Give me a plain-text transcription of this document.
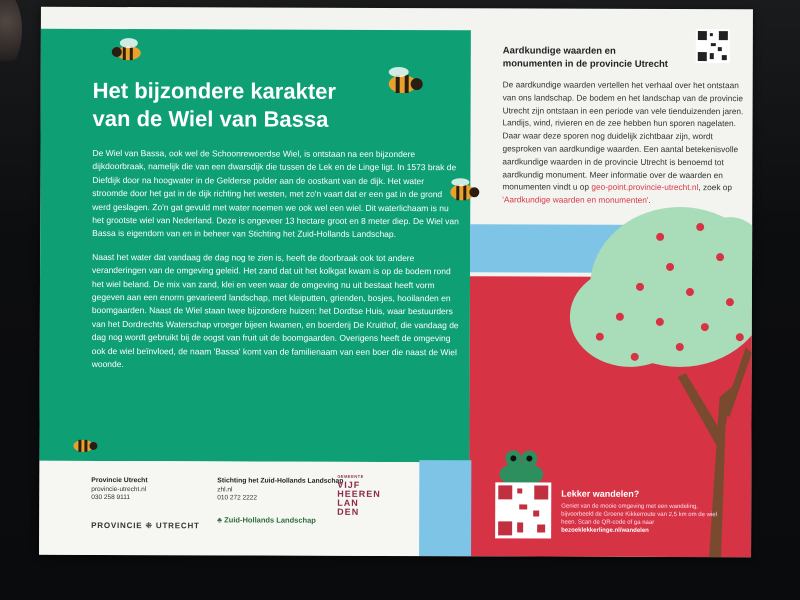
Het bijzondere karakter
van de Wiel van Bassa

De Wiel van Bassa, ook wel de Schoonrewoerdse Wiel, is ontstaan na een bijzondere dijkdoorbraak, namelijk die van een dwarsdijk die tussen de Lek en de Linge ligt. In 1573 brak de Diefdijk door na hoogwater in de Gelderse polder aan de oostkant van de dijk. Het water stroomde door het gat in de dijk richting het westen, met zo'n vaart dat er een gat in de grond werd geslagen. Zo'n gat gevuld met water noemen we ook wel een wiel. Dit waterlichaam is nu het grootste wiel van Nederland. Deze is ongeveer 13 hectare groot en 8 meter diep. De Wiel van Bassa is eigendom van en in beheer van Stichting het Zuid-Hollands Landschap.

Naast het water dat vandaag de dag nog te zien is, heeft de doorbraak ook tot andere veranderingen van de omgeving geleid. Het zand dat uit het kolkgat kwam is op de bodem rond het wiel beland. De mix van zand, klei en veen waar de omgeving nu uit bestaat heeft vorm gegeven aan een enorm gevarieerd landschap, met kleiputten, grienden, bosjes, hooilanden en boomgaarden. Naast de Wiel staan twee bijzondere huizen: het Dordtse Huis, waar bestuurders van het Dordrechts Waterschap vroeger bijeen kwamen, en boerderij De Kruithof, die vandaag de dag nog wordt gebruikt bij de oogst van fruit uit de boomgaarden. Overigens heeft de omgeving ook de wiel beïnvloed, de naam 'Bassa' komt van de familienaam van een boer die naast de Wiel woonde.

Aardkundige waarden en
monumenten in de provincie Utrecht
De aardkundige waarden vertellen het verhaal over het ontstaan van ons landschap. De bodem en het landschap van de provincie Utrecht zijn ontstaan in een periode van vele tienduizenden jaren. Landijs, wind, rivieren en de zee hebben hun sporen nagelaten. Daar waar deze sporen nog duidelijk zichtbaar zijn, wordt gesproken van aardkundige waarden. Een aantal betekenisvolle aardkundige waarden in de provincie Utrecht is benoemd tot aardkundig monument. Meer informatie over de waarden en monumenten vindt u op geo-point.provincie-utrecht.nl, zoek op 'Aardkundige waarden en monumenten'.
Provincie Utrecht
provincie-utrecht.nl
030 258 9111
PROVINCIE ⁜ UTRECHT
Stichting het Zuid-Hollands Landschap
zhl.nl
010 272 2222
♣ Zuid-Hollands Landschap
GEMEENTE
VIJF
HEEREN
LAN
DEN
Lekker wandelen?
Geniet van de mooie omgeving met een wandeling, bijvoorbeeld de Groene Kikkerroute van 2,5 km om de wiel heen. Scan de QR-code of ga naar bezoeklekkerlinge.nl/wandelen
